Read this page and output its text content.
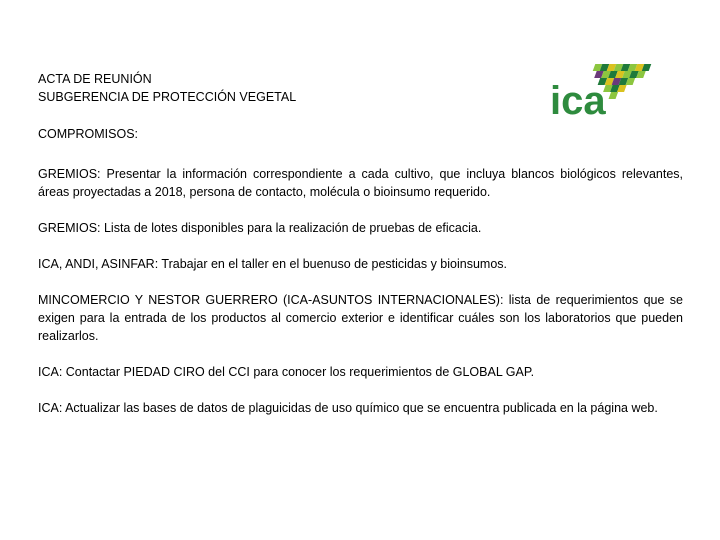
ACTA DE REUNIÓN
SUBGERENCIA DE PROTECCIÓN VEGETAL	ica
COMPROMISOS:

GREMIOS: Presentar la información correspondiente a cada cultivo, que incluya blancos biológicos relevantes, áreas proyectadas a 2018, persona de contacto, molécula o bioinsumo requerido.

GREMIOS: Lista de lotes disponibles para la realización de pruebas de eficacia.

ICA, ANDI, ASINFAR: Trabajar en el taller en el buenuso de pesticidas y bioinsumos.

MINCOMERCIO Y NESTOR GUERRERO (ICA-ASUNTOS INTERNACIONALES): lista de requerimientos que se exigen para la entrada de los productos al comercio exterior e identificar cuáles son los laboratorios que pueden realizarlos.

ICA: Contactar PIEDAD CIRO del CCI para conocer los requerimientos de GLOBAL GAP.

ICA: Actualizar las bases de datos de plaguicidas de uso químico que se encuentra publicada en la página web.
